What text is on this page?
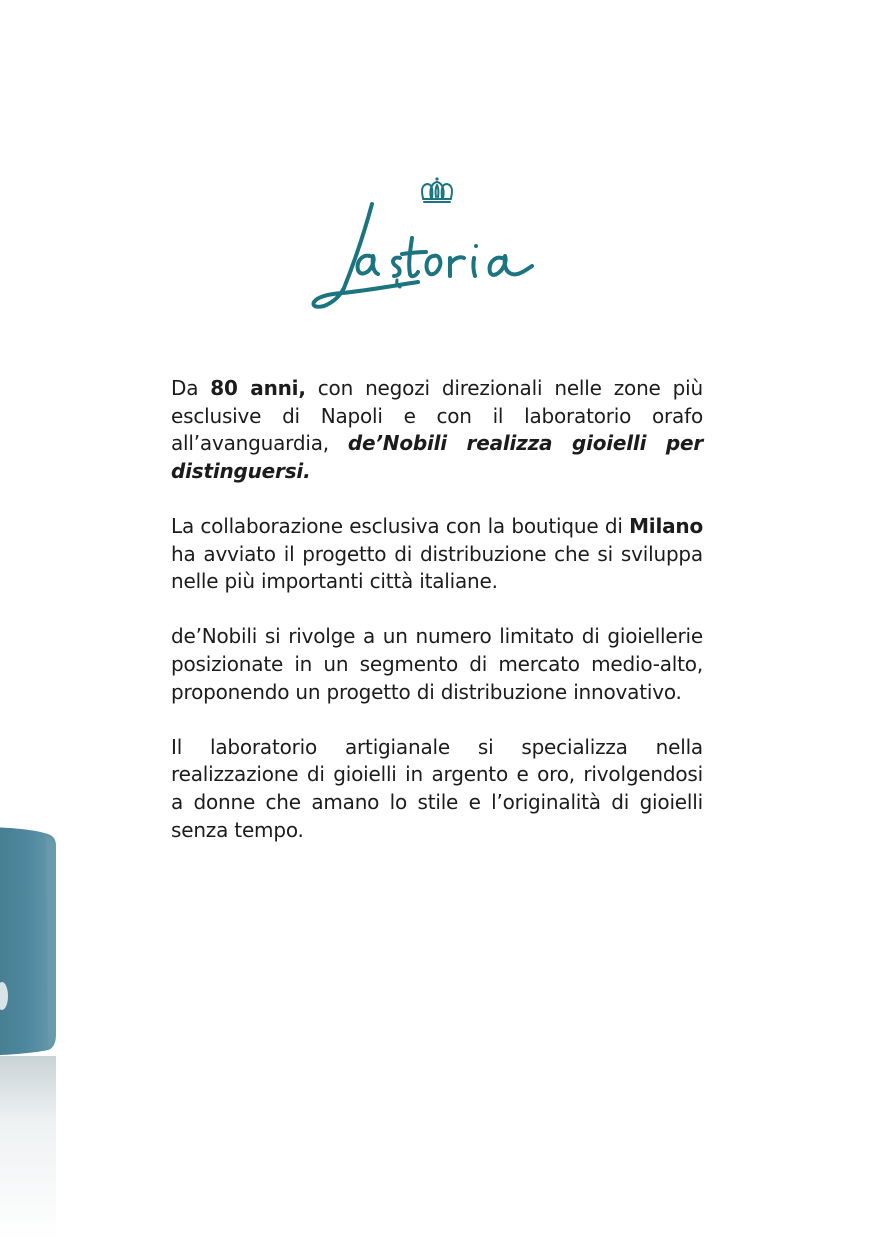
Da 80 anni, con negozi direzionali nelle zone più esclusive di Napoli e con il laboratorio orafo all’avanguardia, de’Nobili realizza gioielli per distinguersi.

La collaborazione esclusiva con la boutique di Milano ha avviato il progetto di distribuzione che si sviluppa nelle più importanti città italiane.

de’Nobili si rivolge a un numero limitato di gioiellerie posizionate in un segmento di mercato medio-alto, proponendo un progetto di distribuzione innovativo.

Il laboratorio artigianale si specializza nella realizzazione di gioielli in argento e oro, rivolgendosi a donne che amano lo stile e l’originalità di gioielli senza tempo.
